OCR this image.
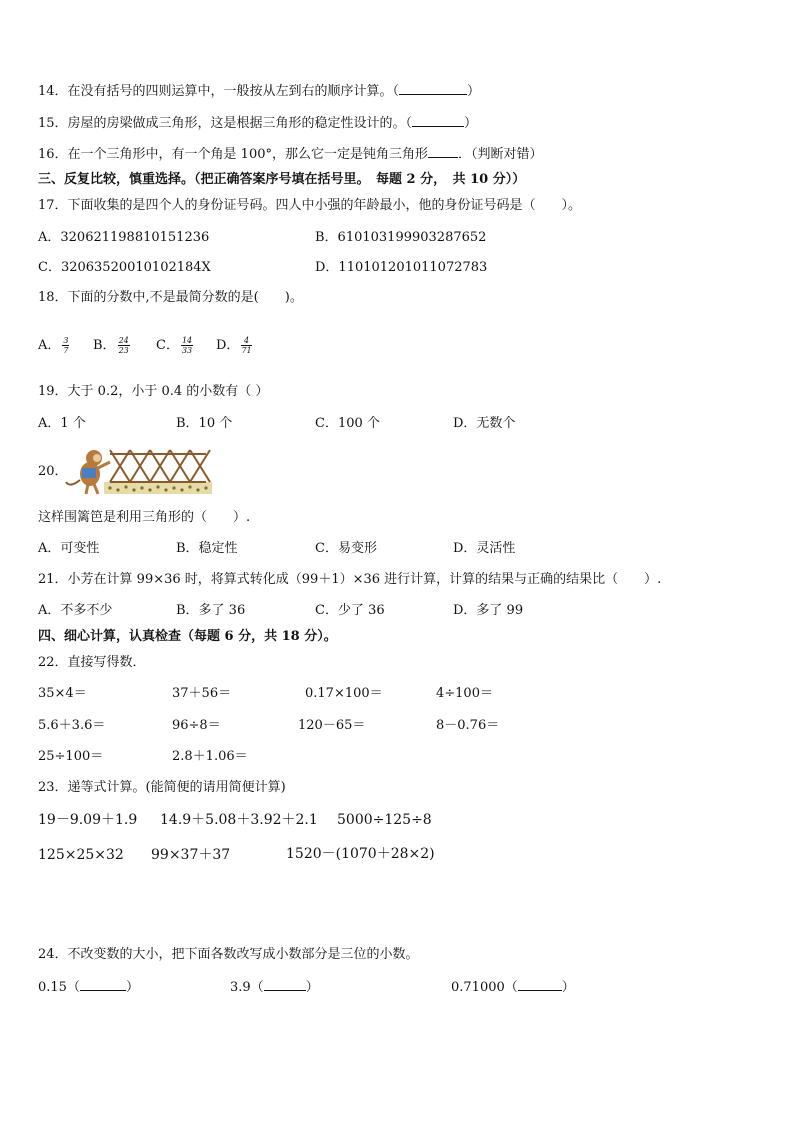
14．在没有括号的四则运算中，一般按从左到右的顺序计算。（	）
15．房屋的房梁做成三角形，这是根据三角形的稳定性设计的。（	）
16．在一个三角形中，有一个角是 100°，那么它一定是钝角三角形 ．（判断对错）
三、反复比较，慎重选择。（把正确答案序号填在括号里。　每题 2 分，　共 10 分））
17．下面收集的是四个人的身份证号码。四人中小强的年龄最小，他的身份证号码是（　　）。
A．320621198810151236	B．610103199903287652
C．32063520010102184X	D．110101201011072783
18．下面的分数中,不是最简分数的是(　　)。
A． $\frac{3}{7}$ B． $\frac{24}{23}$ C． $\frac{14}{33}$ D． $\frac{4}{71}$
19．大于 0.2，小于 0.4 的小数有（ ）
A．1 个	B．10 个	C．100 个	D．无数个
20．
这样围篱笆是利用三角形的（　　）.
A．可变性	B．稳定性	C．易变形	D．灵活性
21．小芳在计算 99×36 时，将算式转化成（99＋1）×36 进行计算，计算的结果与正确的结果比（　　）.
A．不多不少	B．多了 36	C．少了 36	D．多了 99
四、细心计算，认真检查（每题 6 分，共 18 分）。
22．直接写得数．
35×4＝	37＋56＝	0.17×100＝	4÷100＝
5.6＋3.6＝	96÷8＝	120－65＝	8－0.76＝
25÷100＝	2.8＋1.06＝
23．递等式计算。(能简便的请用简便计算)
19－9.09＋1.9 14.9＋5.08＋3.92＋2.1 5000÷125÷8
125×25×32 99×37＋37	1520－(1070＋28×2)
24．不改变数的大小，把下面各数改写成小数部分是三位的小数。
0.15（	）	3.9（	）	0.71000（	）
